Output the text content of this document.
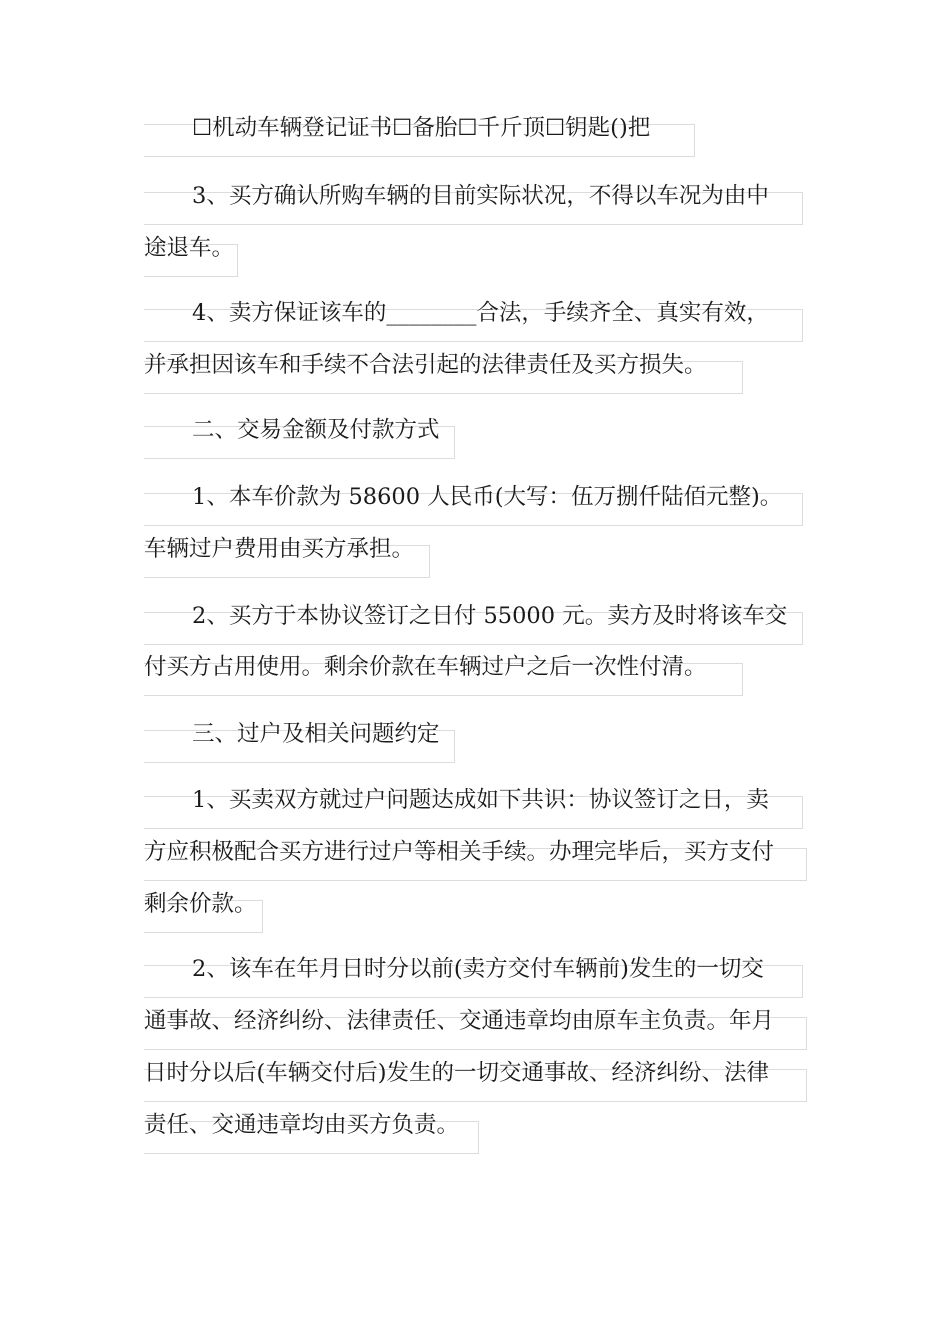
☐机动车辆登记证书☐备胎☐千斤顶☐钥匙()把
3、买方确认所购车辆的目前实际状况，不得以车况为由中
途退车。
4、卖方保证该车的________合法，手续齐全、真实有效，
并承担因该车和手续不合法引起的法律责任及买方损失。
二、交易金额及付款方式
1、本车价款为 58600 人民币(大写：伍万捌仟陆佰元整)。
车辆过户费用由买方承担。
2、买方于本协议签订之日付 55000 元。卖方及时将该车交
付买方占用使用。剩余价款在车辆过户之后一次性付清。
三、过户及相关问题约定
1、买卖双方就过户问题达成如下共识：协议签订之日，卖
方应积极配合买方进行过户等相关手续。办理完毕后，买方支付
剩余价款。
2、该车在年月日时分以前(卖方交付车辆前)发生的一切交
通事故、经济纠纷、法律责任、交通违章均由原车主负责。年月
日时分以后(车辆交付后)发生的一切交通事故、经济纠纷、法律
责任、交通违章均由买方负责。
